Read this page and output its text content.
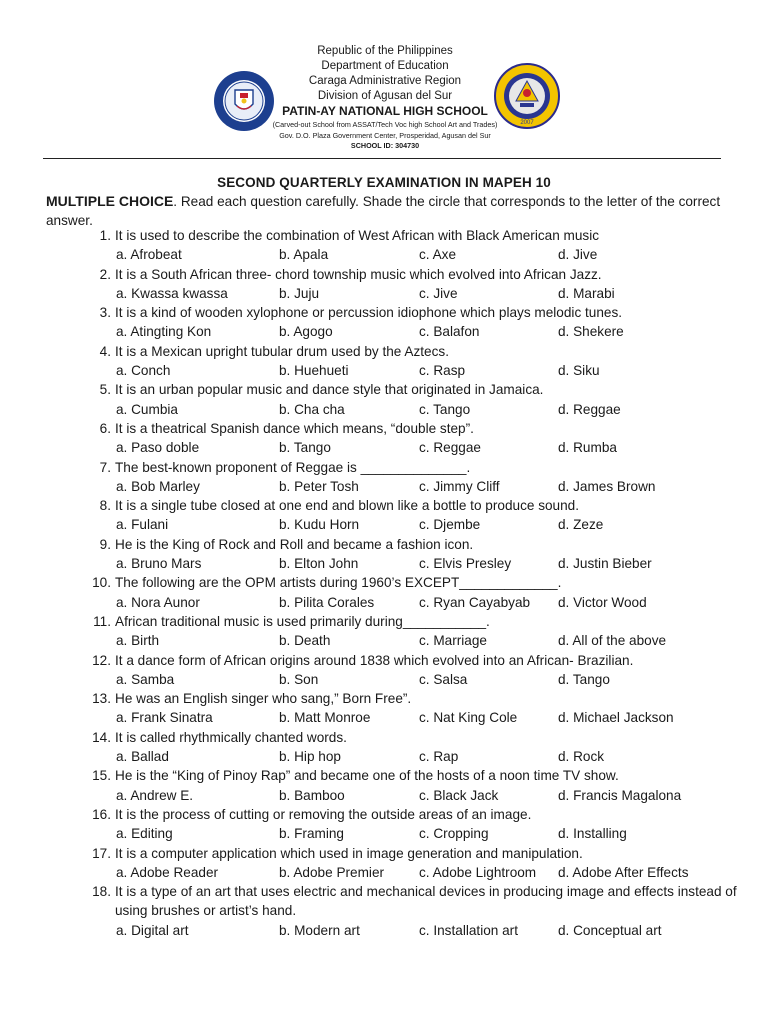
Republic of the Philippines
Department of Education
Caraga Administrative Region
Division of Agusan del Sur
PATIN-AY NATIONAL HIGH SCHOOL
(Carved-out School from ASSAT/Tech Voc high School Art and Trades)
Gov. D.O. Plaza Government Center, Prosperidad, Agusan del Sur
SCHOOL ID: 304730
2007
SECOND QUARTERLY EXAMINATION IN MAPEH 10
MULTIPLE CHOICE. Read each question carefully. Shade the circle that corresponds to the letter of the correct answer.
1. It is used to describe the combination of West African with Black American music
a. Afrobeat	b. Apala	c. Axe	d. Jive
2. It is a South African three- chord township music which evolved into African Jazz.
a. Kwassa kwassa	b. Juju	c. Jive	d. Marabi
3. It is a kind of wooden xylophone or percussion idiophone which plays melodic tunes.
a. Atingting Kon	b. Agogo	c. Balafon	d. Shekere
4. It is a Mexican upright tubular drum used by the Aztecs.
a. Conch	b. Huehueti	c. Rasp	d. Siku
5. It is an urban popular music and dance style that originated in Jamaica.
a. Cumbia	b. Cha cha	c. Tango	d. Reggae
6. It is a theatrical Spanish dance which means, “double step”.
a. Paso doble	b. Tango	c. Reggae	d. Rumba
7. The best-known proponent of Reggae is ______________.
a. Bob Marley	b. Peter Tosh	c. Jimmy Cliff	d. James Brown
8. It is a single tube closed at one end and blown like a bottle to produce sound.
a. Fulani	b. Kudu Horn	c. Djembe	d. Zeze
9. He is the King of Rock and Roll and became a fashion icon.
a. Bruno Mars	b. Elton John	c. Elvis Presley	d. Justin Bieber
10. The following are the OPM artists during 1960’s EXCEPT_____________.
a. Nora Aunor	b. Pilita Corales	c. Ryan Cayabyab	d. Victor Wood
11. African traditional music is used primarily during___________.
a. Birth	b. Death	c. Marriage	d. All of the above
12. It a dance form of African origins around 1838 which evolved into an African- Brazilian.
a. Samba	b. Son	c. Salsa	d. Tango
13. He was an English singer who sang,” Born Free”.
a. Frank Sinatra	b. Matt Monroe	c. Nat King Cole	d. Michael Jackson
14. It is called rhythmically chanted words.
a. Ballad	b. Hip hop	c. Rap	d. Rock
15. He is the “King of Pinoy Rap” and became one of the hosts of a noon time TV show.
a. Andrew E.	b. Bamboo	c. Black Jack	d. Francis Magalona
16. It is the process of cutting or removing the outside areas of an image.
a. Editing	b. Framing	c. Cropping	d. Installing
17. It is a computer application which used in image generation and manipulation.
a. Adobe Reader	b. Adobe Premier	c. Adobe Lightroom	d. Adobe After Effects
18. It is a type of an art that uses electric and mechanical devices in producing image and effects instead of using brushes or artist’s hand.
a. Digital art	b. Modern art	c. Installation art	d. Conceptual art
